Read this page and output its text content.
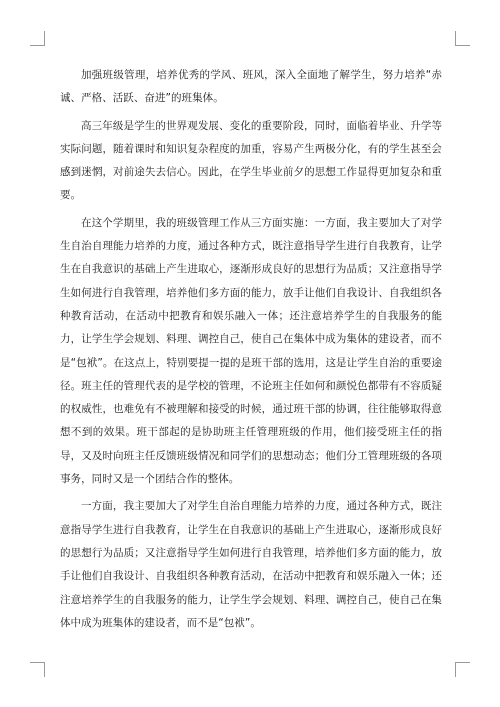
加强班级管理，培养优秀的学风、班风，深入全面地了解学生，努力培养“赤诚、严格、活跃、奋进”的班集体。

高三年级是学生的世界观发展、变化的重要阶段，同时，面临着毕业、升学等实际问题，随着课时和知识复杂程度的加重，容易产生两极分化，有的学生甚至会感到迷惘，对前途失去信心。因此，在学生毕业前夕的思想工作显得更加复杂和重要。

在这个学期里，我的班级管理工作从三方面实施：一方面，我主要加大了对学生自治自理能力培养的力度，通过各种方式，既注意指导学生进行自我教育，让学生在自我意识的基础上产生进取心，逐渐形成良好的思想行为品质；又注意指导学生如何进行自我管理，培养他们多方面的能力，放手让他们自我设计、自我组织各种教育活动，在活动中把教育和娱乐融入一体；还注意培养学生的自我服务的能力，让学生学会规划、料理、调控自己，使自己在集体中成为集体的建设者，而不是“包袱”。在这点上，特别要提一提的是班干部的选用，这是让学生自治的重要途径。班主任的管理代表的是学校的管理，不论班主任如何和颜悦色都带有不容质疑的权威性，也难免有不被理解和接受的时候，通过班干部的协调，往往能够取得意想不到的效果。班干部起的是协助班主任管理班级的作用，他们接受班主任的指导，又及时向班主任反馈班级情况和同学们的思想动态；他们分工管理班级的各项事务，同时又是一个团结合作的整体。

一方面，我主要加大了对学生自治自理能力培养的力度，通过各种方式，既注意指导学生进行自我教育，让学生在自我意识的基础上产生进取心，逐渐形成良好的思想行为品质；又注意指导学生如何进行自我管理，培养他们多方面的能力，放手让他们自我设计、自我组织各种教育活动，在活动中把教育和娱乐融入一体；还注意培养学生的自我服务的能力，让学生学会规划、料理、调控自己，使自己在集体中成为班集体的建设者，而不是“包袱”。
